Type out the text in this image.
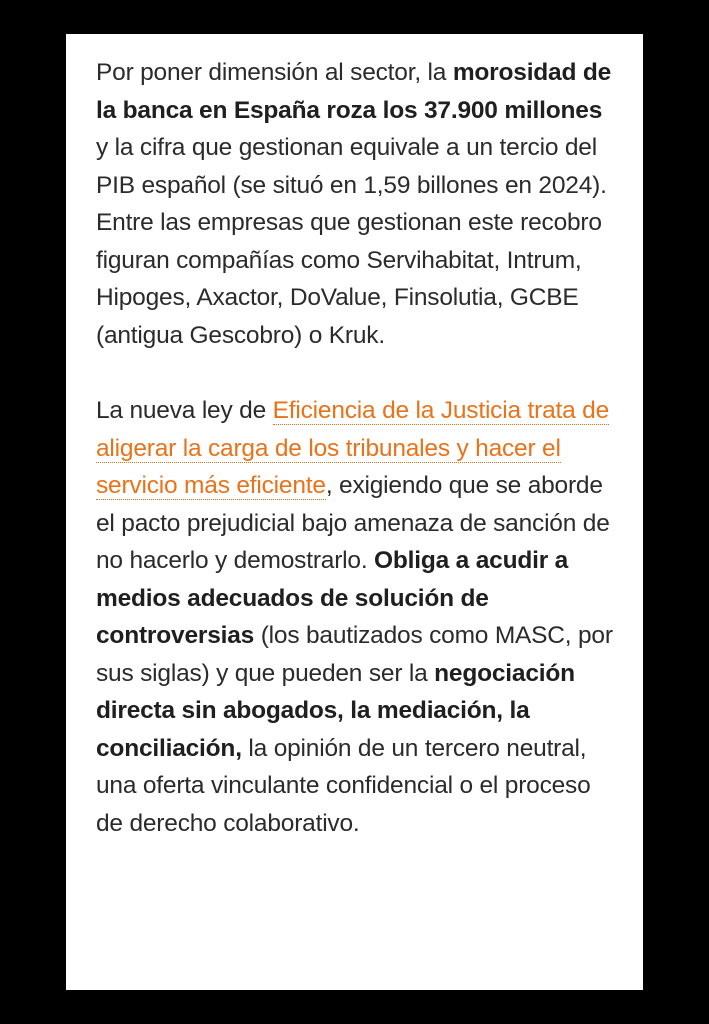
Por poner dimensión al sector, la morosidad de la banca en España roza los 37.900 millones y la cifra que gestionan equivale a un tercio del PIB español (se situó en 1,59 billones en 2024). Entre las empresas que gestionan este recobro figuran compañías como Servihabitat, Intrum, Hipoges, Axactor, DoValue, Finsolutia, GCBE (antigua Gescobro) o Kruk.

La nueva ley de Eficiencia de la Justicia trata de aligerar la carga de los tribunales y hacer el servicio más eficiente, exigiendo que se aborde el pacto prejudicial bajo amenaza de sanción de no hacerlo y demostrarlo. Obliga a acudir a medios adecuados de solución de controversias (los bautizados como MASC, por sus siglas) y que pueden ser la negociación directa sin abogados, la mediación, la conciliación, la opinión de un tercero neutral, una oferta vinculante confidencial o el proceso de derecho colaborativo.
